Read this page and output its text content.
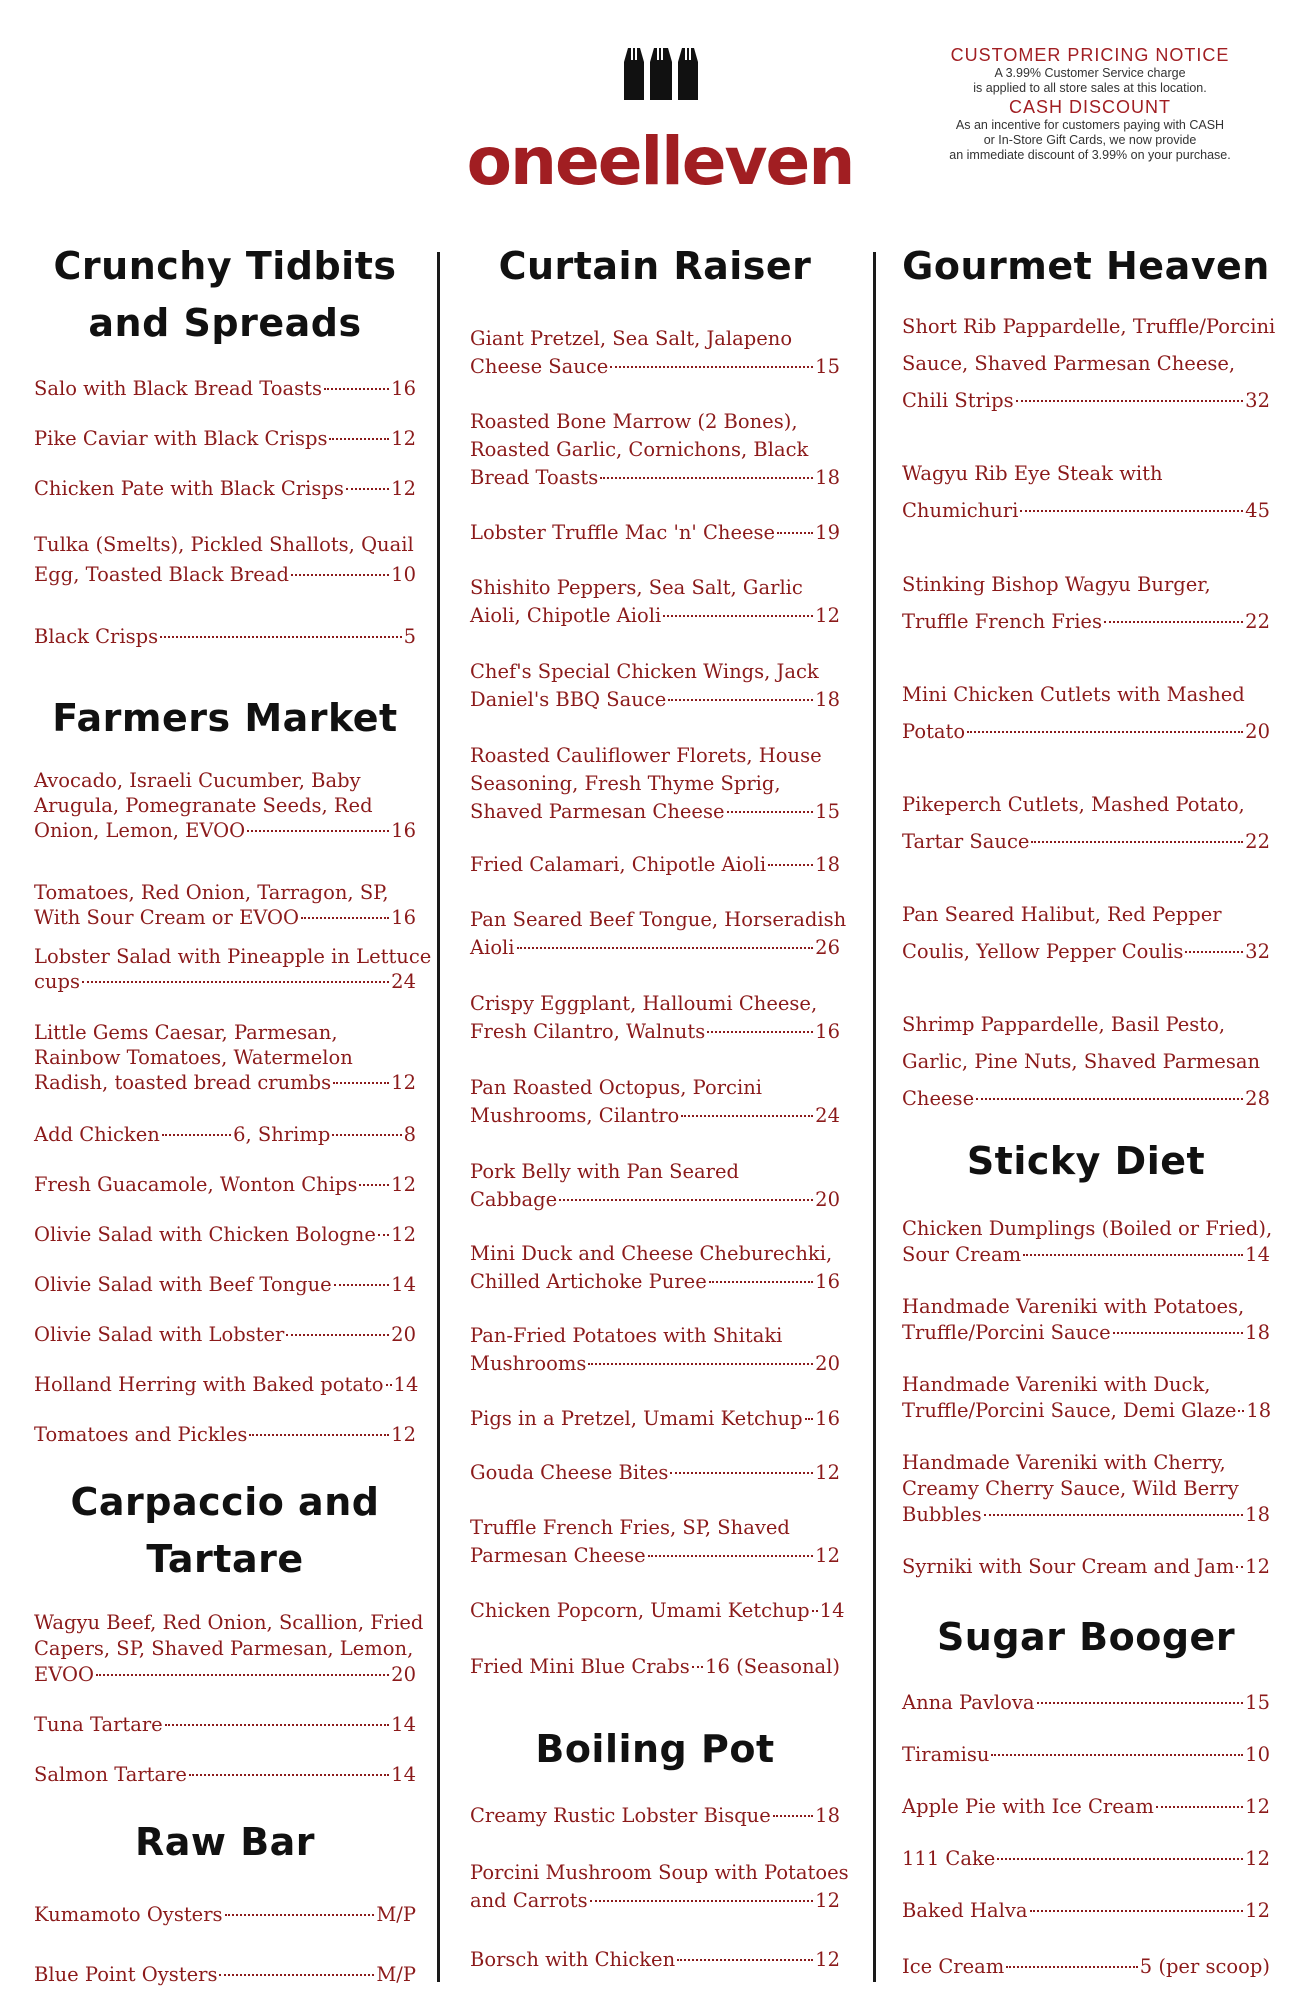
oneelleven
CUSTOMER PRICING NOTICE
A 3.99% Customer Service charge
is applied to all store sales at this location.
CASH DISCOUNT
As an incentive for customers paying with CASH
or In-Store Gift Cards, we now provide
an immediate discount of 3.99% on your purchase.
Crunchy Tidbits
and Spreads
Salo with Black Bread Toasts	16
Pike Caviar with Black Crisps	12
Chicken Pate with Black Crisps 12
Tulka (Smelts), Pickled Shallots, Quail
Egg, Toasted Black Bread	10
Black Crisps	5
Farmers Market
Avocado, Israeli Cucumber, Baby
Arugula, Pomegranate Seeds, Red
Onion, Lemon, EVOO	16
Tomatoes, Red Onion, Tarragon, SP,
With Sour Cream or EVOO	16
Lobster Salad with Pineapple in Lettuce
cups	24
Little Gems Caesar, Parmesan,
Rainbow Tomatoes, Watermelon
Radish, toasted bread crumbs	12
Add Chicken	6, Shrimp	8
Fresh Guacamole, Wonton Chips 12
Olivie Salad with Chicken Bologne 12
Olivie Salad with Beef Tongue	14
Olivie Salad with Lobster	20
Holland Herring with Baked potato 14
Tomatoes and Pickles	12
Carpaccio and
Tartare
Wagyu Beef, Red Onion, Scallion, Fried
Capers, SP, Shaved Parmesan, Lemon,
EVOO	20
Tuna Tartare	14
Salmon Tartare	14
Raw Bar
Kumamoto Oysters	M/P
Blue Point Oysters	M/P
Curtain Raiser
Giant Pretzel, Sea Salt, Jalapeno
Cheese Sauce	15
Roasted Bone Marrow (2 Bones),
Roasted Garlic, Cornichons, Black
Bread Toasts	18
Lobster Truffle Mac 'n' Cheese 19
Shishito Peppers, Sea Salt, Garlic
Aioli, Chipotle Aioli	12
Chef's Special Chicken Wings, Jack
Daniel's BBQ Sauce	18
Roasted Cauliflower Florets, House
Seasoning, Fresh Thyme Sprig,
Shaved Parmesan Cheese	15
Fried Calamari, Chipotle Aioli	18
Pan Seared Beef Tongue, Horseradish
Aioli	26
Crispy Eggplant, Halloumi Cheese,
Fresh Cilantro, Walnuts	16
Pan Roasted Octopus, Porcini
Mushrooms, Cilantro	24
Pork Belly with Pan Seared
Cabbage	20
Mini Duck and Cheese Cheburechki,
Chilled Artichoke Puree	16
Pan-Fried Potatoes with Shitaki
Mushrooms	20
Pigs in a Pretzel, Umami Ketchup 16
Gouda Cheese Bites	12
Truffle French Fries, SP, Shaved
Parmesan Cheese	12
Chicken Popcorn, Umami Ketchup 14
Fried Mini Blue Crabs 16 (Seasonal)
Boiling Pot
Creamy Rustic Lobster Bisque 18
Porcini Mushroom Soup with Potatoes
and Carrots	12
Borsch with Chicken	12
Gourmet Heaven
Short Rib Pappardelle, Truffle/Porcini
Sauce, Shaved Parmesan Cheese,
Chili Strips	32
Wagyu Rib Eye Steak with
Chumichuri	45
Stinking Bishop Wagyu Burger,
Truffle French Fries	22
Mini Chicken Cutlets with Mashed
Potato	20
Pikeperch Cutlets, Mashed Potato,
Tartar Sauce	22
Pan Seared Halibut, Red Pepper
Coulis, Yellow Pepper Coulis	32
Shrimp Pappardelle, Basil Pesto,
Garlic, Pine Nuts, Shaved Parmesan
Cheese	28
Sticky Diet
Chicken Dumplings (Boiled or Fried),
Sour Cream	14
Handmade Vareniki with Potatoes,
Truffle/Porcini Sauce	18
Handmade Vareniki with Duck,
Truffle/Porcini Sauce, Demi Glaze 18
Handmade Vareniki with Cherry,
Creamy Cherry Sauce, Wild Berry
Bubbles	18
Syrniki with Sour Cream and Jam 12
Sugar Booger
Anna Pavlova	15
Tiramisu	10
Apple Pie with Ice Cream	12
111 Cake	12
Baked Halva	12
Ice Cream	5 (per scoop)
